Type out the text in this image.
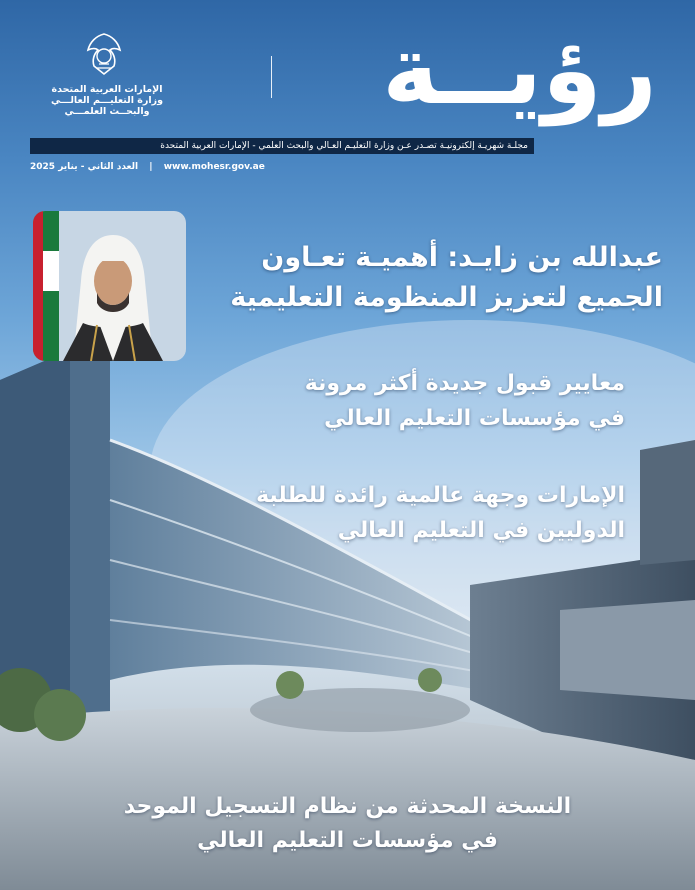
الإمارات العربية المتحدة
وزارة التعليـــم العالـــي
والبحــث العلمـــي	رؤيــة
مجلـة شهريـة إلكترونيـة تصـدر عـن وزارة التعليـم العـالي والبحث العلمي - الإمارات العربية المتحدة
العدد الثاني - يناير 2025 | www.mohesr.gov.ae
عبدالله بن زايـد: أهميـة تعـاون
الجميع لتعزيز المنظومة التعليمية
معايير قبول جديدة أكثر مرونة
في مؤسسات التعليم العالي
الإمارات وجهة عالمية رائدة للطلبة
الدوليين في التعليم العالي
النسخة المحدثة من نظام التسجيل الموحد
في مؤسسات التعليم العالي
